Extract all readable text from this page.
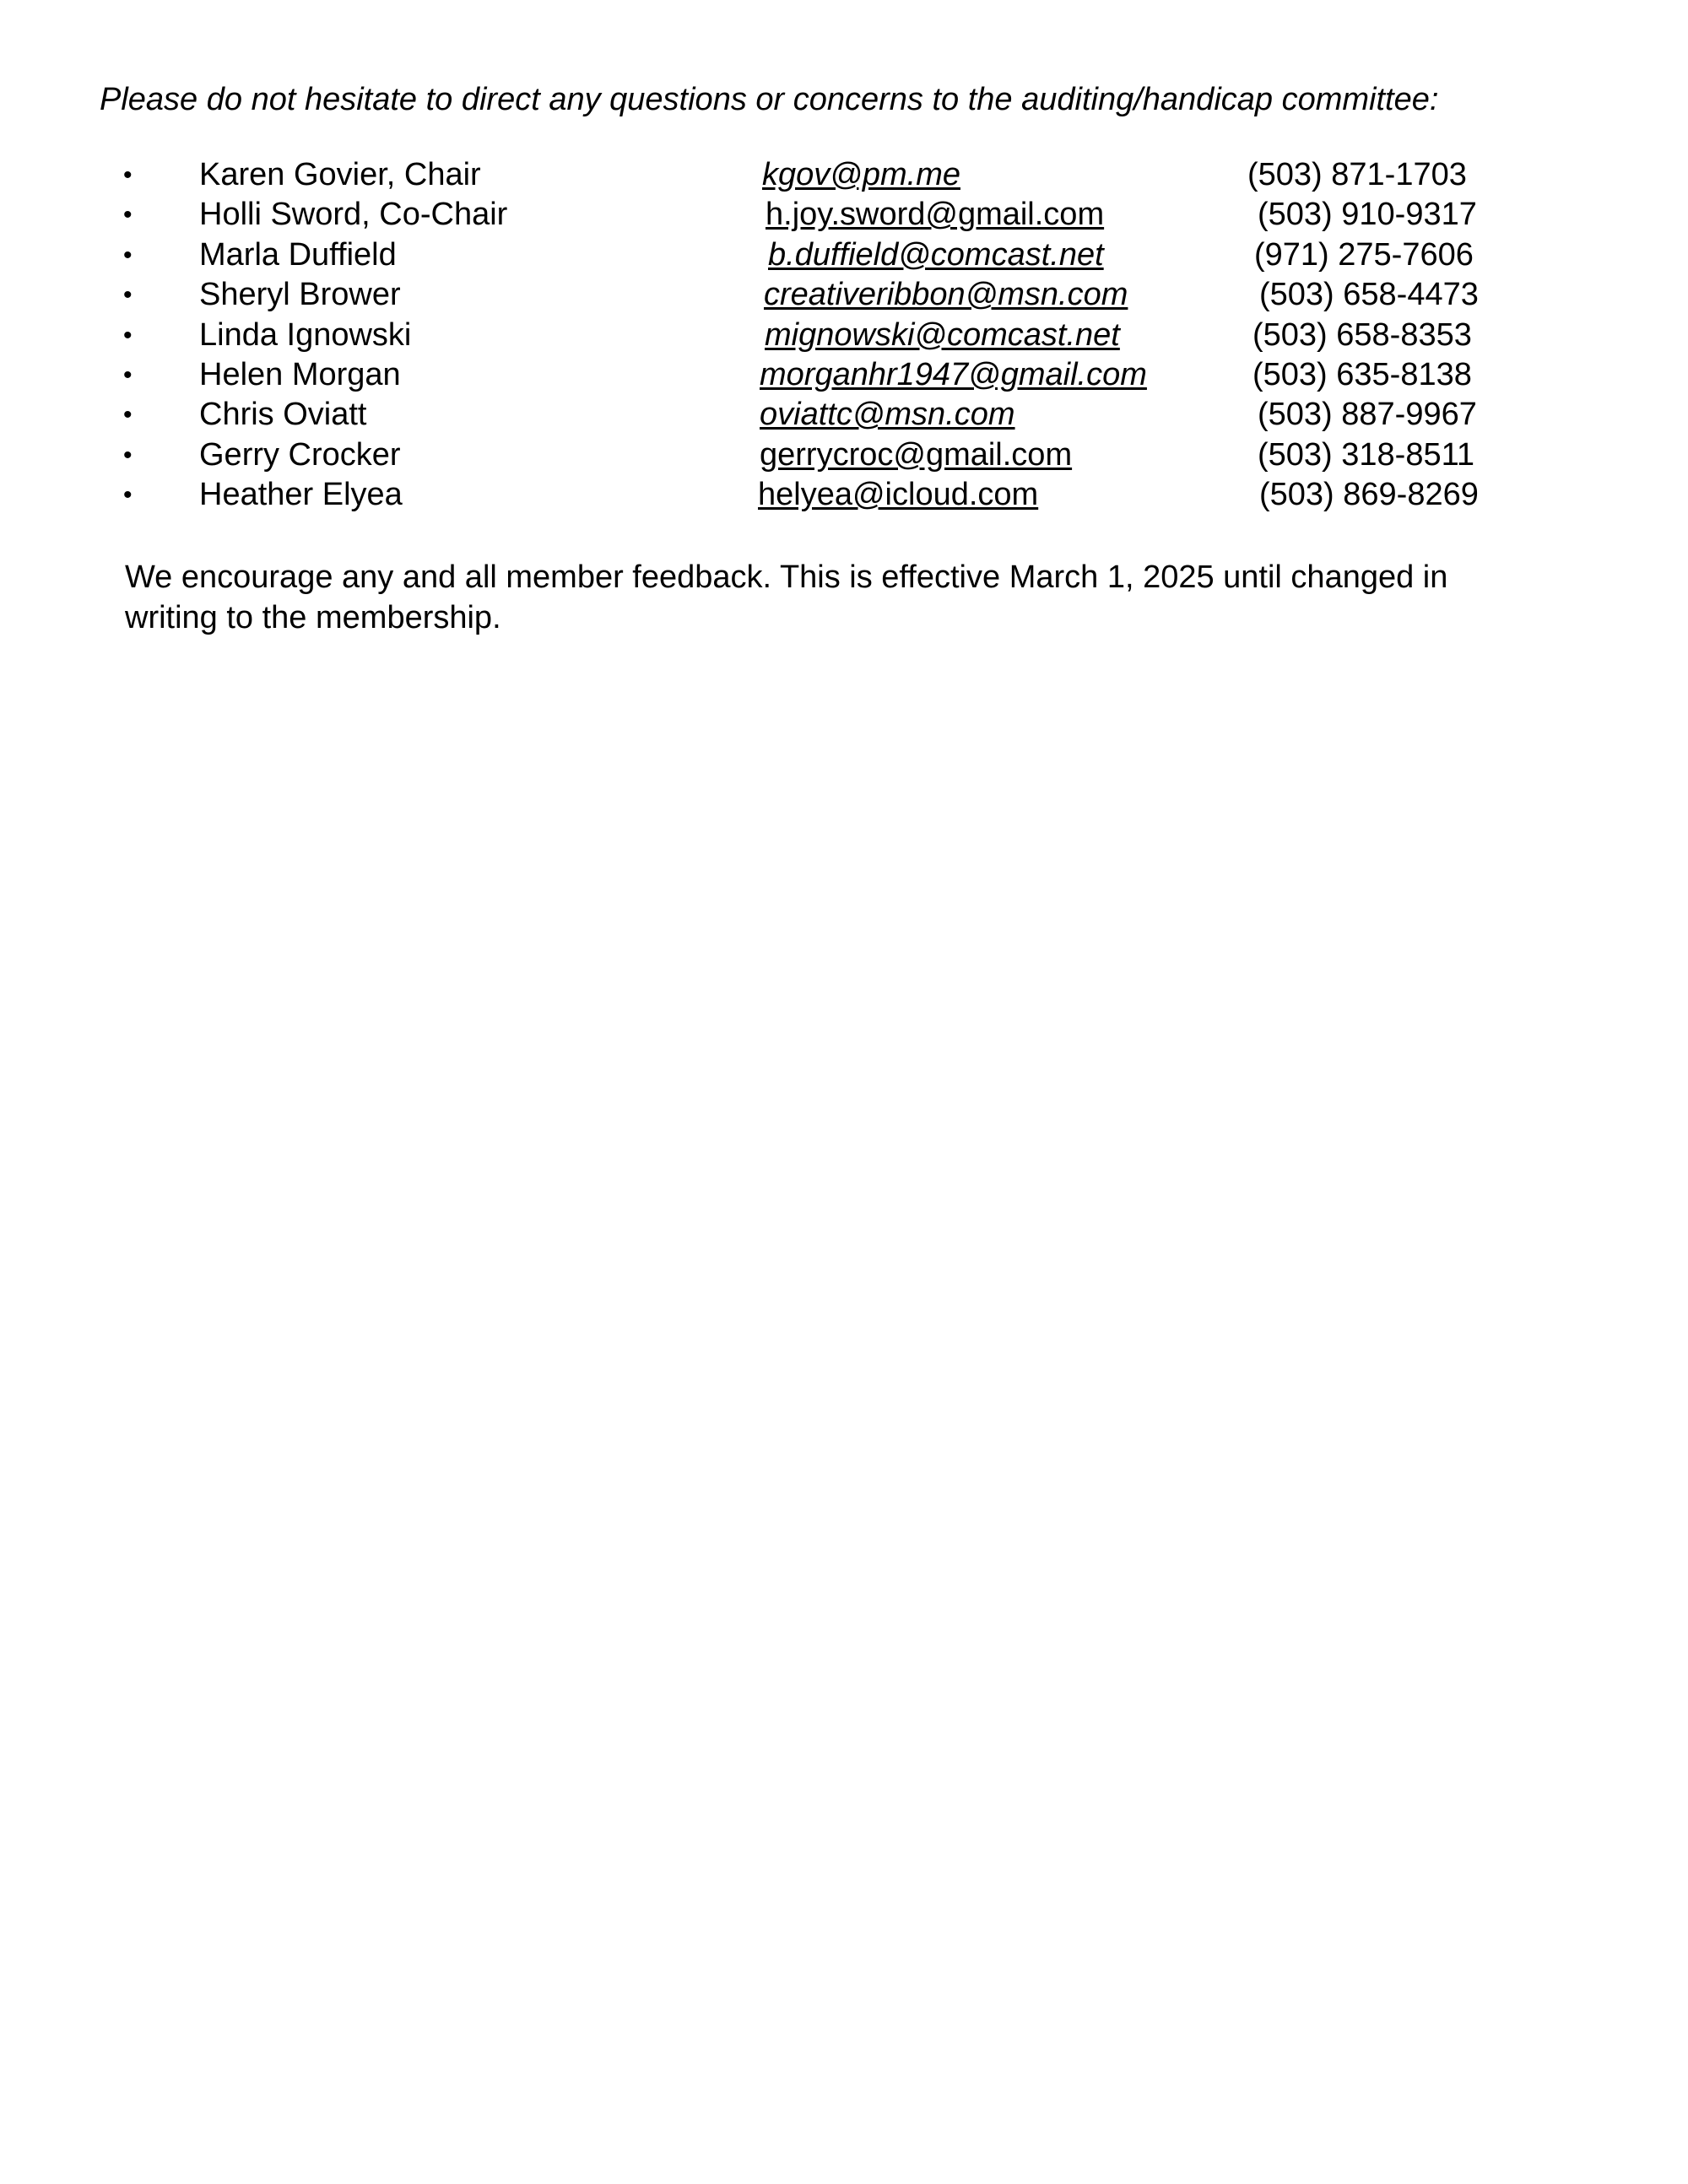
Please do not hesitate to direct any questions or concerns to the auditing/handicap committee:

• Karen Govier, Chair	kgov@pm.me	(503) 871-1703
• Holli Sword, Co-Chair	h.joy.sword@gmail.com	(503) 910-9317
• Marla Duffield	b.duffield@comcast.net	(971) 275-7606
• Sheryl Brower	creativeribbon@msn.com	(503) 658-4473
• Linda Ignowski	mignowski@comcast.net	(503) 658-8353
• Helen Morgan	morganhr1947@gmail.com	(503) 635-8138
• Chris Oviatt	oviattc@msn.com	(503) 887-9967
• Gerry Crocker	gerrycroc@gmail.com	(503) 318-8511
• Heather Elyea	helyea@icloud.com	(503) 869-8269

We encourage any and all member feedback. This is effective March 1, 2025 until changed in writing to the membership.
